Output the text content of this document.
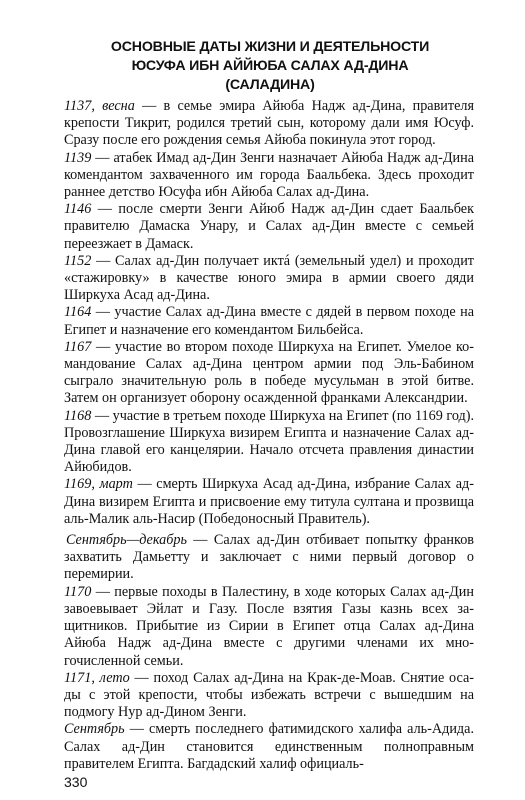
ОСНОВНЫЕ ДАТЫ ЖИЗНИ И ДЕЯТЕЛЬНОСТИ
ЮСУФА ИБН АЙЙЮБА САЛАХ АД-ДИНА
(САЛАДИНА)
1137, весна — в семье эмира Айюба Надж ад-Дина, правителя крепости Тикрит, родился третий сын, которому дали имя Юсуф. Сразу после его рождения семья Айюба покинула этот город.
1139 — атабек Имад ад-Дин Зенги назначает Айюба Надж ад-Дина комендантом захваченного им города Баальбека. Здесь проходит раннее детство Юсуфа ибн Айюба Салах ад-Дина.
1146 — после смерти Зенги Айюб Надж ад-Дин сдает Баальбек правителю Дамаска Унару, и Салах ад-Дин вместе с семьей переезжает в Дамаск.
1152 — Салах ад-Дин получает иктá (земельный удел) и проходит «стажировку» в качестве юного эмира в армии своего дяди Ширкуха Асад ад-Дина.
1164 — участие Салах ад-Дина вместе с дядей в первом походе на Египет и назначение его комендантом Бильбейса.
1167 — участие во втором походе Ширкуха на Египет. Умелое командование Салах ад-Дина центром армии под Эль-Бабином сыграло значительную роль в победе мусульман в этой битве. Затем он организует оборону осажденной франками Александрии.
1168 — участие в третьем походе Ширкуха на Египет (по 1169 год). Провозглашение Ширкуха визирем Египта и назначение Салах ад-Дина главой его канцелярии. Начало отсчета правления династии Айюбидов.
1169, март — смерть Ширкуха Асад ад-Дина, избрание Салах ад-Дина визирем Египта и присвоение ему титула султана и прозвища аль-Малик аль-Насир (Победоносный Правитель).
Сентябрь—декабрь — Салах ад-Дин отбивает попытку франков захватить Дамьетту и заключает с ними первый договор о перемирии.
1170 — первые походы в Палестину, в ходе которых Салах ад-Дин завоевывает Эйлат и Газу. После взятия Газы казнь всех защитников. Прибытие из Сирии в Египет отца Салах ад-Дина Айюба Надж ад-Дина вместе с другими членами их многочисленной семьи.
1171, лето — поход Салах ад-Дина на Крак-де-Моав. Снятие осады с этой крепости, чтобы избежать встречи с вышедшим на подмогу Нур ад-Дином Зенги.
Сентябрь — смерть последнего фатимидского халифа аль-Адида. Салах ад-Дин становится единственным полноправным правителем Египта. Багдадский халиф официаль-
330
